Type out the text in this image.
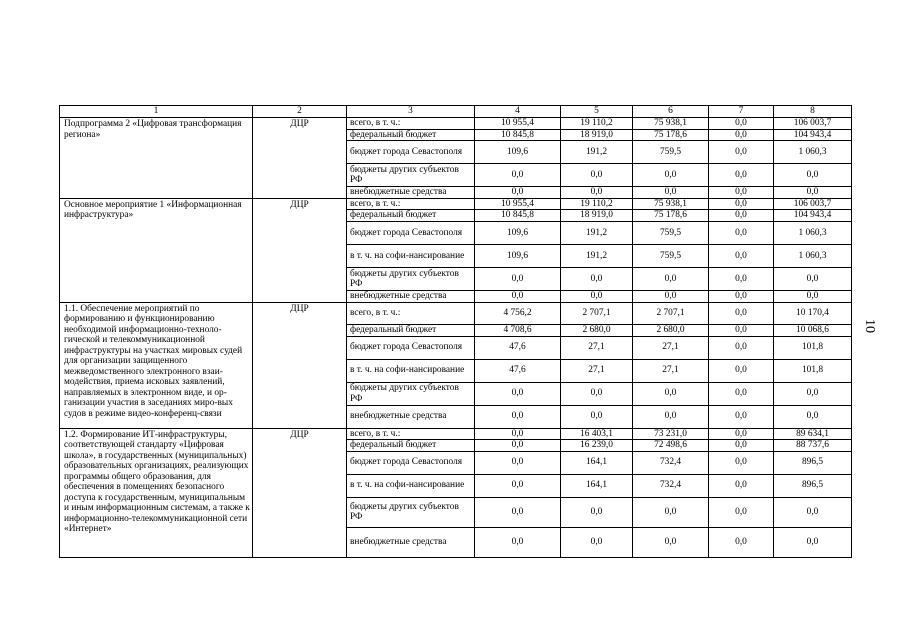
1	2	3	4	5	6	7	8
Подпрограмма 2 «Цифровая трансформация региона»	ДЦР	всего, в т. ч.:	10 955,4	19 110,2	75 938,1	0,0	106 003,7
		федеральный бюджет	10 845,8	18 919,0	75 178,6	0,0	104 943,4
		бюджет города Севастополя	109,6	191,2	759,5	0,0	1 060,3
		бюджеты других субъектов РФ	0,0	0,0	0,0	0,0	0,0
		внебюджетные средства	0,0	0,0	0,0	0,0	0,0
Основное мероприятие 1 «Информационная инфраструктура»	ДЦР	всего, в т. ч.:	10 955,4	19 110,2	75 938,1	0,0	106 003,7
		федеральный бюджет	10 845,8	18 919,0	75 178,6	0,0	104 943,4
		бюджет города Севастополя	109,6	191,2	759,5	0,0	1 060,3
		в т. ч. на софи-нансирование	109,6	191,2	759,5	0,0	1 060,3
		бюджеты других субъектов РФ	0,0	0,0	0,0	0,0	0,0
		внебюджетные средства	0,0	0,0	0,0	0,0	0,0
1.1. Обеспечение мероприятий по формированию и функционированию необходимой информационно-техноло-гической и телекоммуникационной инфраструктуры на участках мировых судей для организации защищенного межведомственного электронного взаи-модействия, приема исковых заявлений, направляемых в электронном виде, и ор-ганизации участия в заседаниях миро-вых судов в режиме видео-конференц-связи	ДЦР	всего, в т. ч.:	4 756,2	2 707,1	2 707,1	0,0	10 170,4
		федеральный бюджет	4 708,6	2 680,0	2 680,0	0,0	10 068,6
		бюджет города Севастополя	47,6	27,1	27,1	0,0	101,8
		в т. ч. на софи-нансирование	47,6	27,1	27,1	0,0	101,8
		бюджеты других субъектов РФ	0,0	0,0	0,0	0,0	0,0
		внебюджетные средства	0,0	0,0	0,0	0,0	0,0
1.2. Формирование ИТ-инфраструктуры, соответствующей стандарту «Цифровая школа», в государственных (муниципальных) образовательных организациях, реализующих программы общего образования, для обеспечения в помещениях безопасного доступа к государственным, муниципальным и иным информационным системам, а также к информационно-телекоммуникационной сети «Интернет»	ДЦР	всего, в т. ч.:	0,0	16 403,1	73 231,0	0,0	89 634,1
		федеральный бюджет	0,0	16 239,0	72 498,6	0,0	88 737,6
		бюджет города Севастополя	0,0	164,1	732,4	0,0	896,5
		в т. ч. на софи-нансирование	0,0	164,1	732,4	0,0	896,5
		бюджеты других субъектов РФ	0,0	0,0	0,0	0,0	0,0
		внебюджетные средства	0,0	0,0	0,0	0,0	0,0
10
